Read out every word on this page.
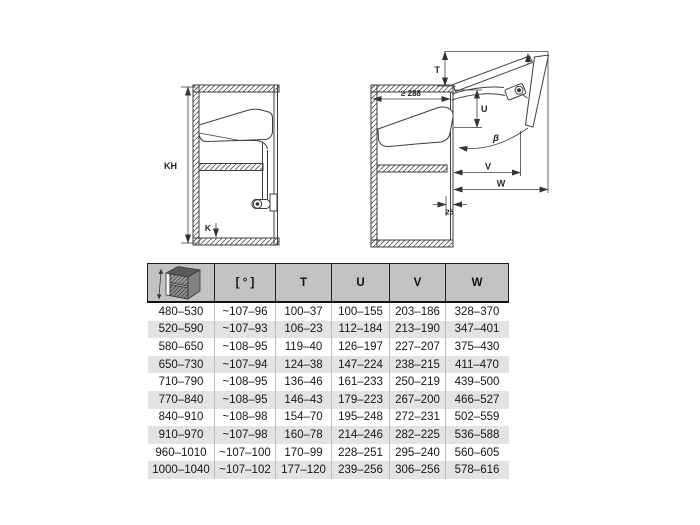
KH
K
T
≥ 288
U
β
V
W
25
	[ ° ]	T	U	V	W
480–530	~107–96	100–37	100–155	203–186	328–370
520–590	~107–93	106–23	112–184	213–190	347–401
580–650	~108–95	119–40	126–197	227–207	375–430
650–730	~107–94	124–38	147–224	238–215	411–470
710–790	~108–95	136–46	161–233	250–219	439–500
770–840	~108–95	146–43	179–223	267–200	466–527
840–910	~108–98	154–70	195–248	272–231	502–559
910–970	~107–98	160–78	214–246	282–225	536–588
960–1010	~107–100	170–99	228–251	295–240	560–605
1000–1040	~107–102	177–120	239–256	306–256	578–616
